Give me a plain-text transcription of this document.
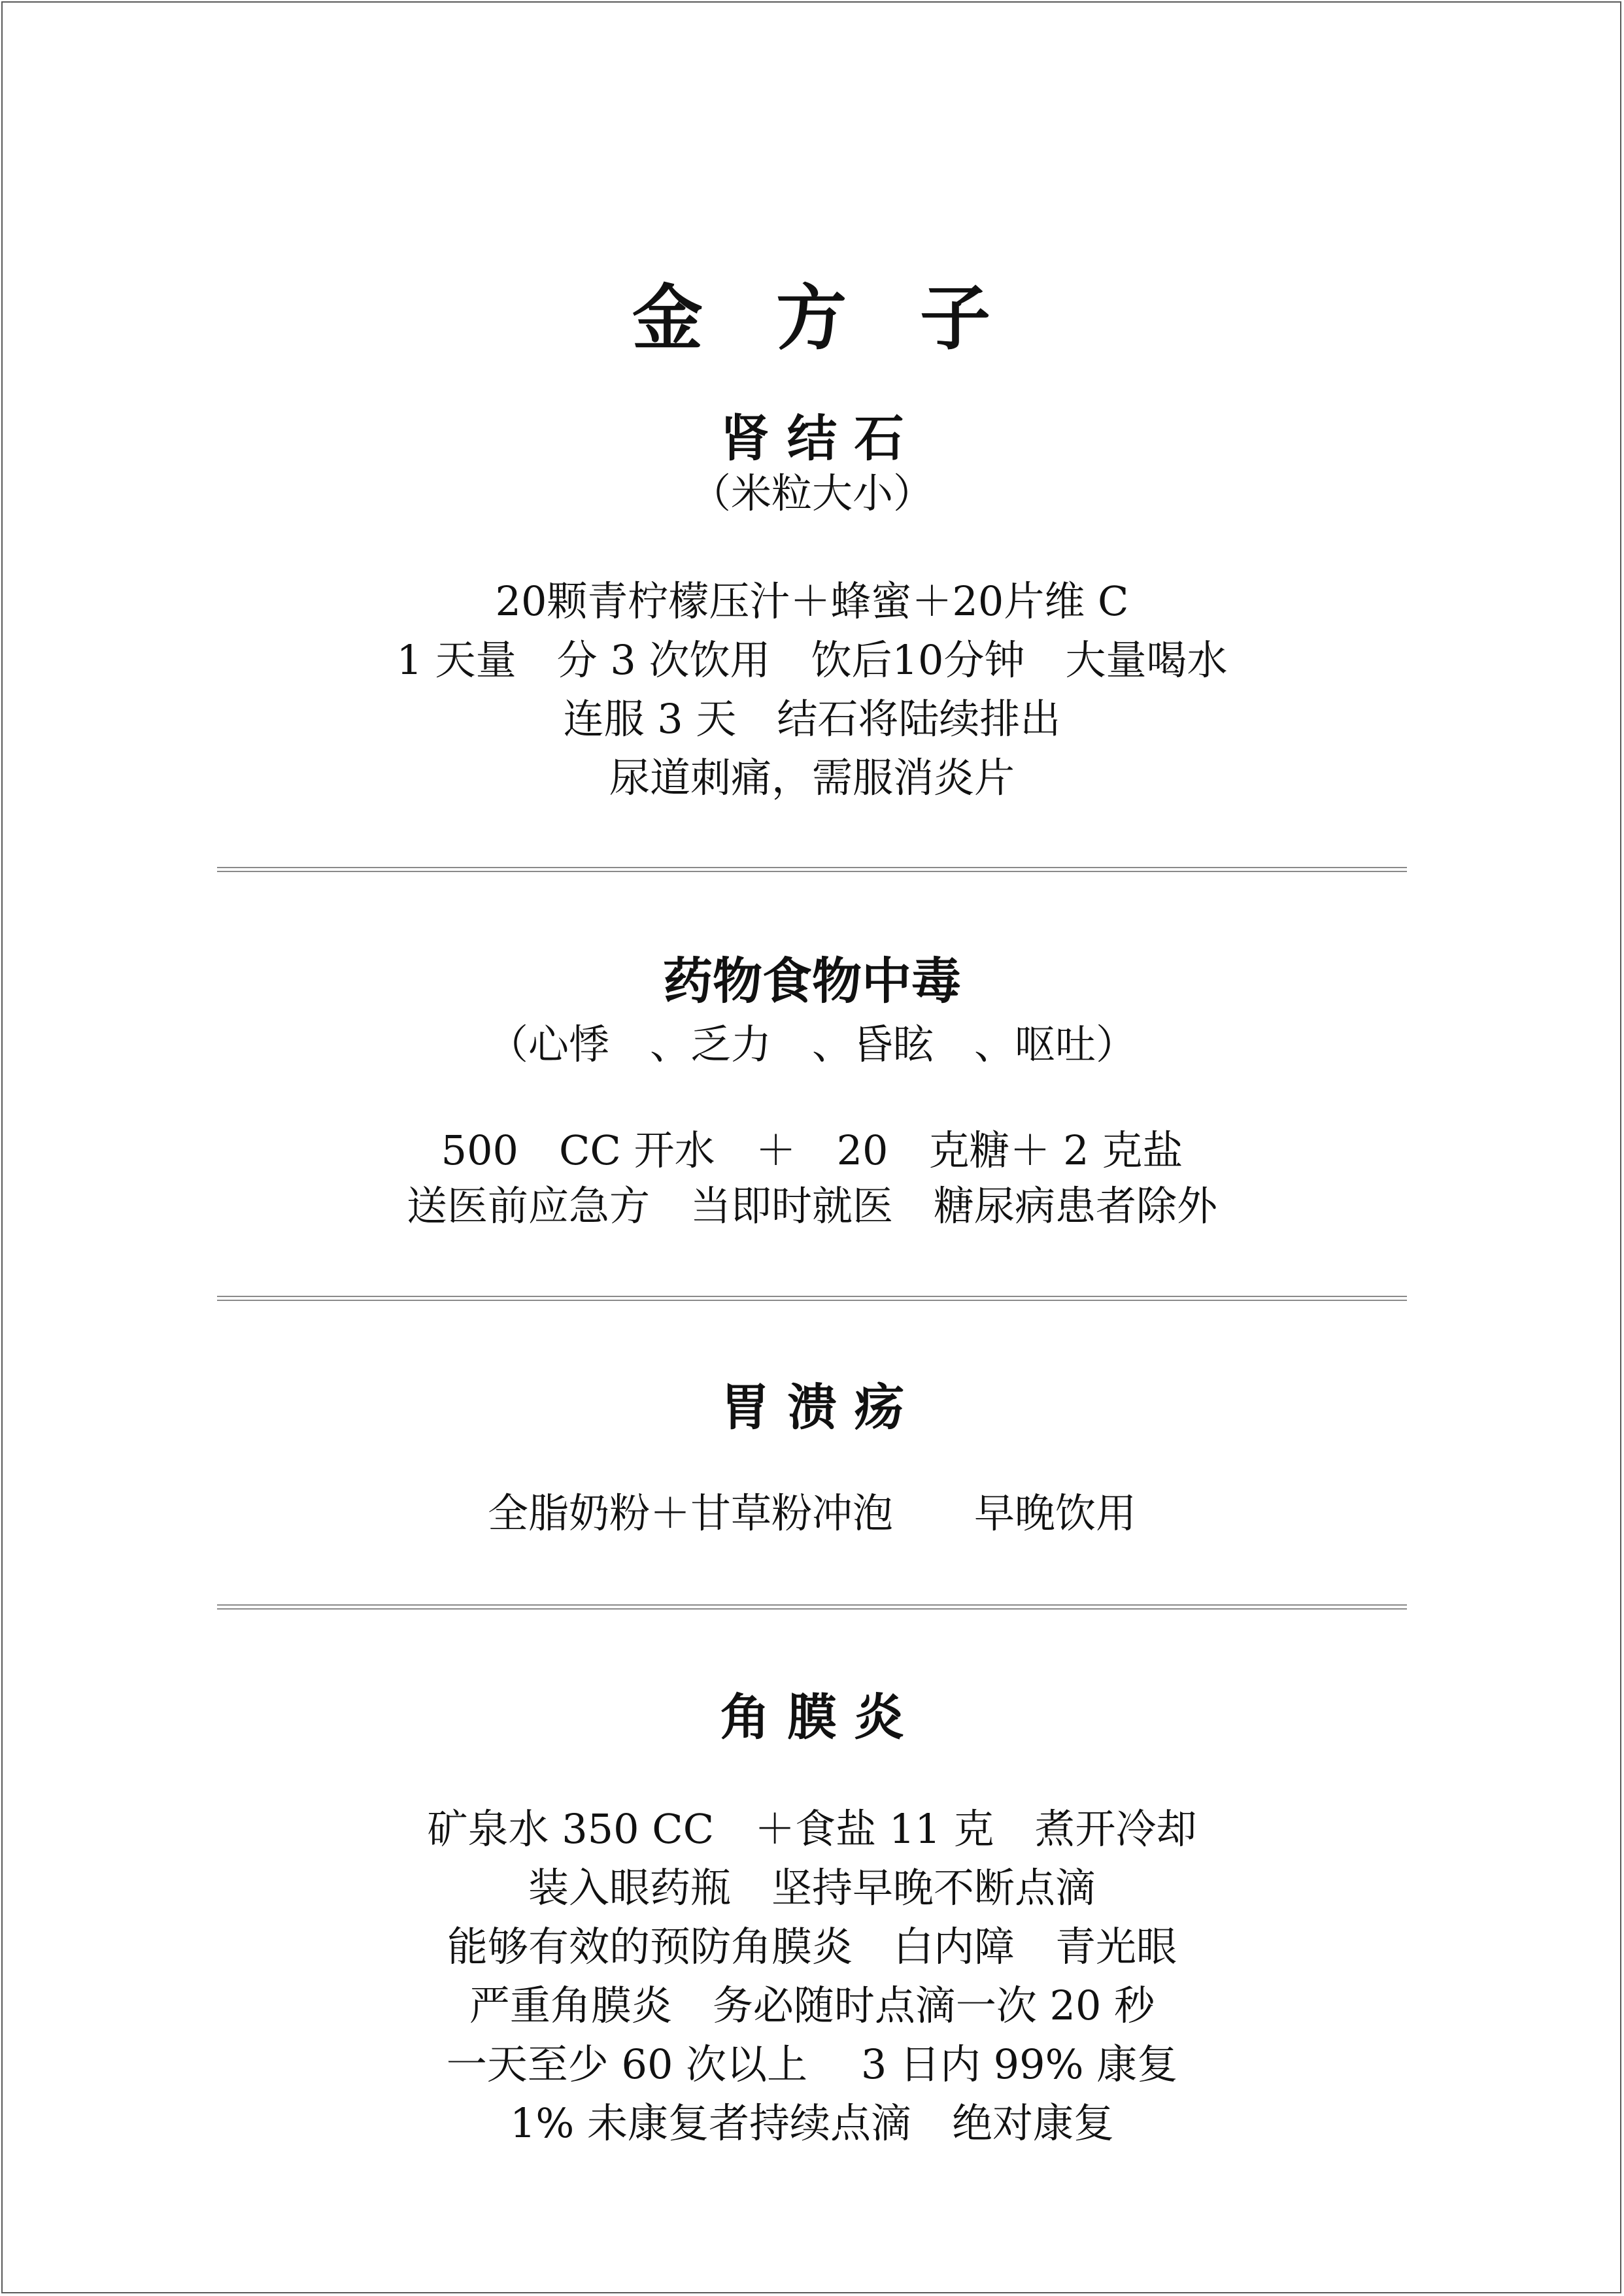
金　方　子
肾 结 石
（米粒大小）
20颗青柠檬压汁＋蜂蜜＋20片维 C
1 天量　分 3 次饮用　饮后10分钟　大量喝水
连服 3 天　结石将陆续排出
尿道刺痛，需服消炎片
药物食物中毒
（心悸　、乏力　、昏眩　、呕吐）
500　CC 开水　＋　20　克糖＋ 2 克盐
送医前应急方　当即时就医　糖尿病患者除外
胃 溃 疡
全脂奶粉＋甘草粉冲泡　　早晚饮用
角 膜 炎
矿泉水 350 CC　＋食盐 11 克　煮开冷却
装入眼药瓶　坚持早晚不断点滴
能够有效的预防角膜炎　白内障　青光眼
严重角膜炎　务必随时点滴一次 20 秒
一天至少 60 次以上　 3 日内 99% 康复
1% 未康复者持续点滴　绝对康复
